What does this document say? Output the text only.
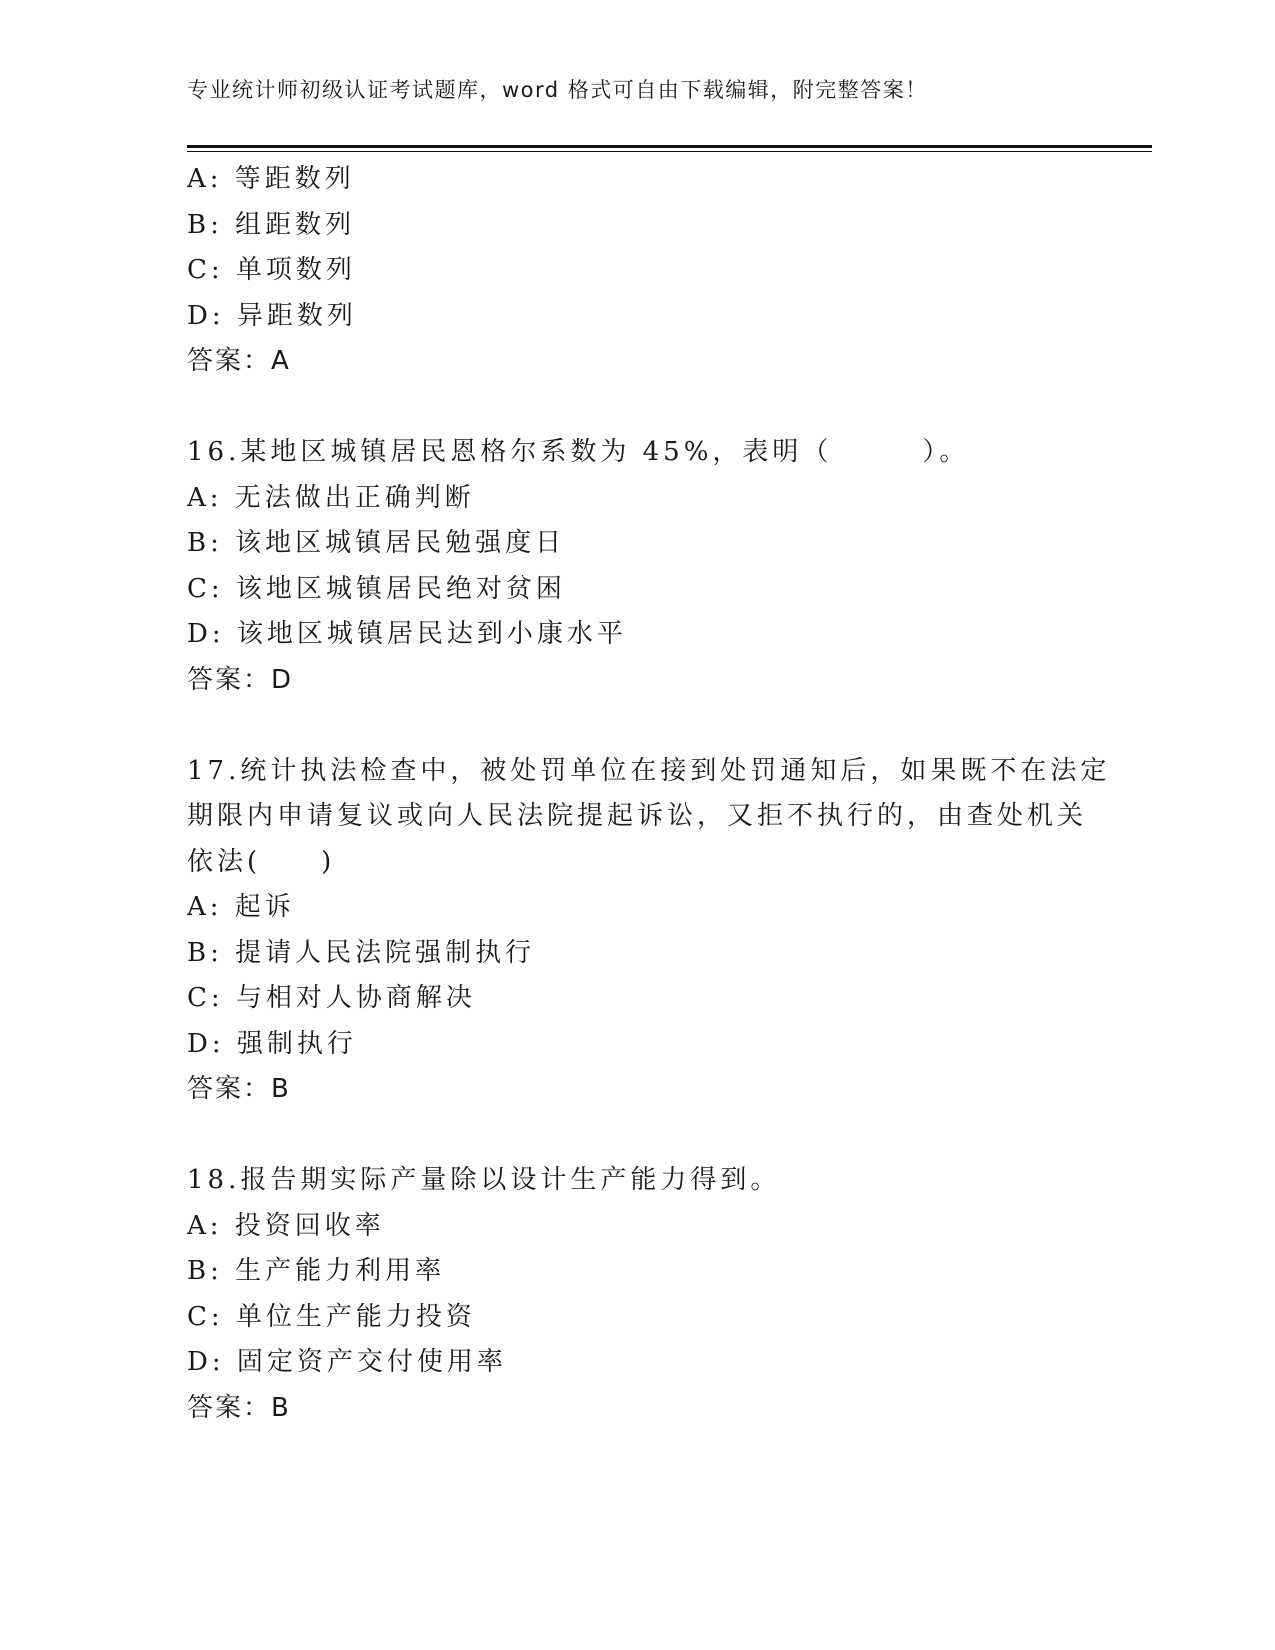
专业统计师初级认证考试题库，word 格式可自由下载编辑，附完整答案！
A: 等距数列
B: 组距数列
C: 单项数列
D: 异距数列
答案：A
16.某地区城镇居民恩格尔系数为 45%，表明（　　　）。
A: 无法做出正确判断
B: 该地区城镇居民勉强度日
C: 该地区城镇居民绝对贫困
D: 该地区城镇居民达到小康水平
答案：D
17.统计执法检查中，被处罚单位在接到处罚通知后，如果既不在法定
期限内申请复议或向人民法院提起诉讼，又拒不执行的，由查处机关
依法(　　)
A: 起诉
B: 提请人民法院强制执行
C: 与相对人协商解决
D: 强制执行
答案：B
18.报告期实际产量除以设计生产能力得到。
A: 投资回收率
B: 生产能力利用率
C: 单位生产能力投资
D: 固定资产交付使用率
答案：B
